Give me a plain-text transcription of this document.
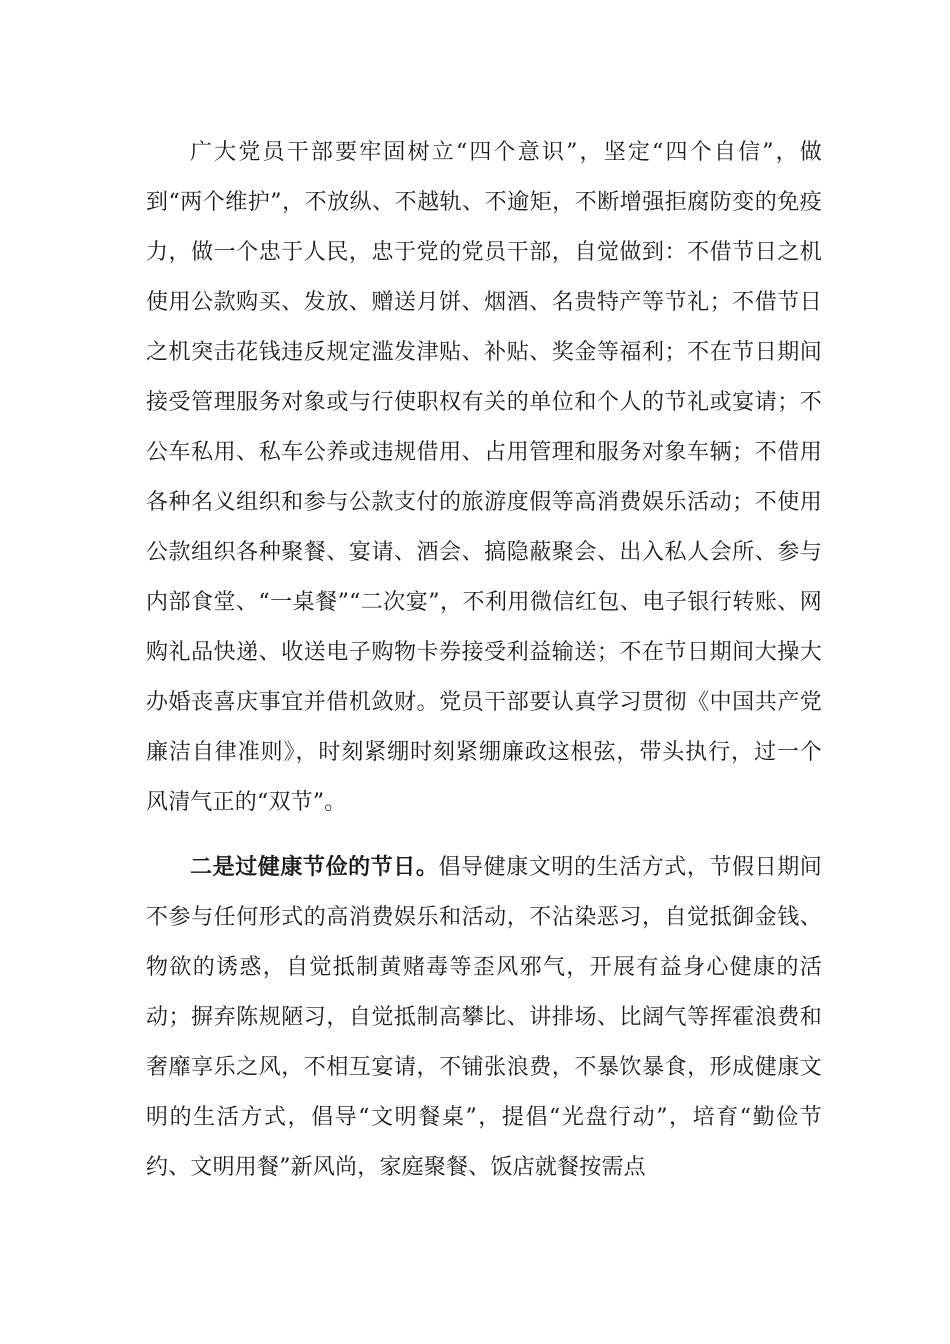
广大党员干部要牢固树立“四个意识”，坚定“四个自信”，做到“两个维护”，不放纵、不越轨、不逾矩，不断增强拒腐防变的免疫力，做一个忠于人民，忠于党的党员干部，自觉做到：不借节日之机使用公款购买、发放、赠送月饼、烟酒、名贵特产等节礼；不借节日之机突击花钱违反规定滥发津贴、补贴、奖金等福利；不在节日期间接受管理服务对象或与行使职权有关的单位和个人的节礼或宴请；不公车私用、私车公养或违规借用、占用管理和服务对象车辆；不借用各种名义组织和参与公款支付的旅游度假等高消费娱乐活动；不使用公款组织各种聚餐、宴请、酒会、搞隐蔽聚会、出入私人会所、参与内部食堂、“一桌餐”“二次宴”，不利用微信红包、电子银行转账、网购礼品快递、收送电子购物卡券接受利益输送；不在节日期间大操大办婚丧喜庆事宜并借机敛财。党员干部要认真学习贯彻《中国共产党廉洁自律准则》，时刻紧绷时刻紧绷廉政这根弦，带头执行，过一个风清气正的“双节”。

二是过健康节俭的节日。倡导健康文明的生活方式，节假日期间不参与任何形式的高消费娱乐和活动，不沾染恶习，自觉抵御金钱、物欲的诱惑，自觉抵制黄赌毒等歪风邪气，开展有益身心健康的活动；摒弃陈规陋习，自觉抵制高攀比、讲排场、比阔气等挥霍浪费和奢靡享乐之风，不相互宴请，不铺张浪费，不暴饮暴食，形成健康文明的生活方式，倡导“文明餐桌”，提倡“光盘行动”，培育“勤俭节约、文明用餐”新风尚，家庭聚餐、饭店就餐按需点
